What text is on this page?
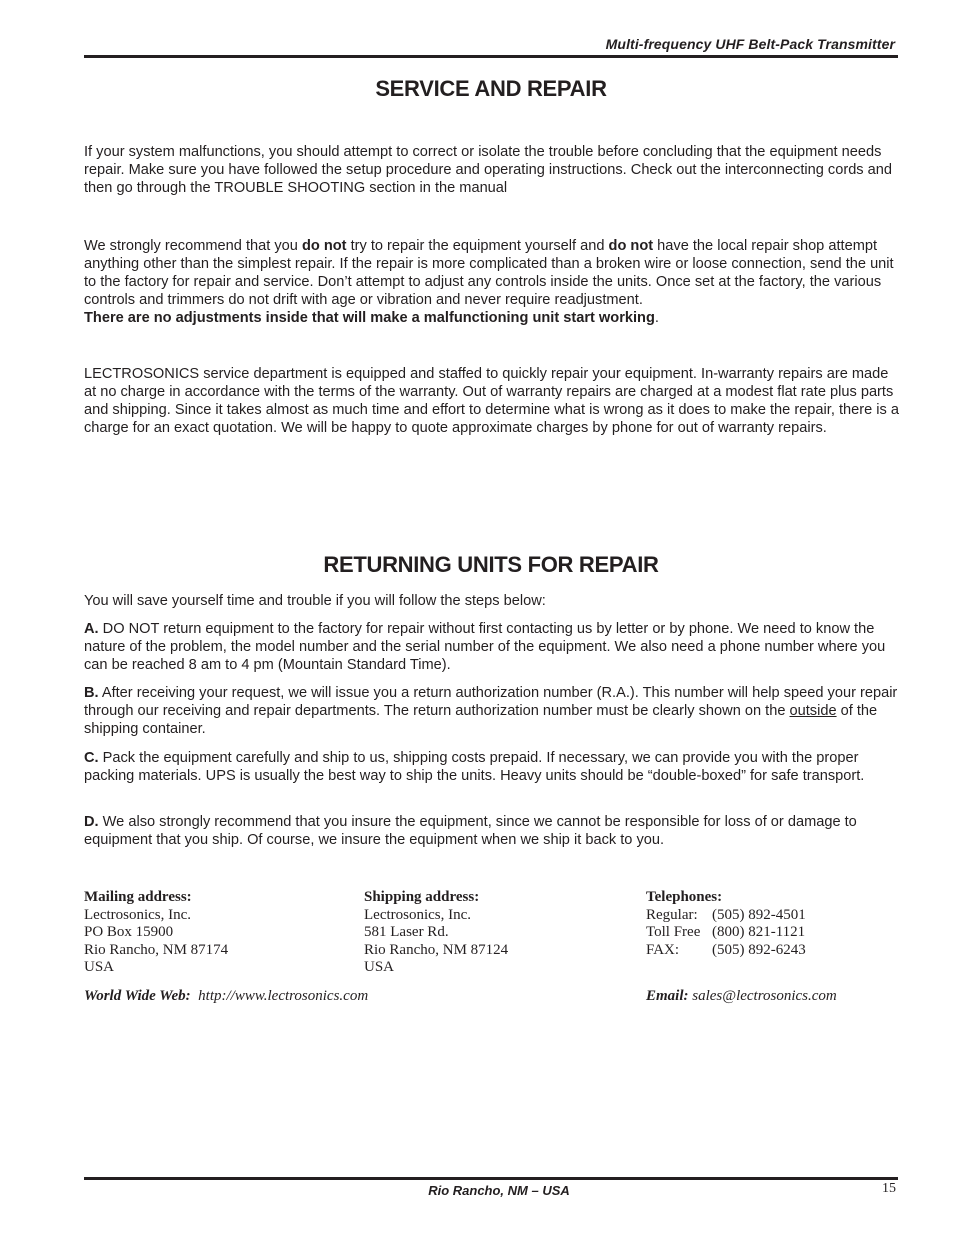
Multi-frequency UHF Belt-Pack Transmitter
SERVICE AND REPAIR

If your system malfunctions, you should attempt to correct or isolate the trouble before concluding that the equipment needs repair. Make sure you have followed the setup procedure and operating instructions. Check out the interconnecting cords and then go through the TROUBLE SHOOTING section in the manual

We strongly recommend that you do not try to repair the equipment yourself and do not have the local repair shop attempt anything other than the simplest repair. If the repair is more complicated than a broken wire or loose connection, send the unit to the factory for repair and service. Don’t attempt to adjust any controls inside the units. Once set at the factory, the various controls and trimmers do not drift with age or vibration and never require readjustment.
There are no adjustments inside that will make a malfunctioning unit start working.

LECTROSONICS service department is equipped and staffed to quickly repair your equipment. In-warranty repairs are made at no charge in accordance with the terms of the warranty. Out of warranty repairs are charged at a modest flat rate plus parts and shipping. Since it takes almost as much time and effort to determine what is wrong as it does to make the repair, there is a charge for an exact quotation. We will be happy to quote approximate charges by phone for out of warranty repairs.

RETURNING UNITS FOR REPAIR

You will save yourself time and trouble if you will follow the steps below:

A. DO NOT return equipment to the factory for repair without first contacting us by letter or by phone. We need to know the nature of the problem, the model number and the serial number of the equipment. We also need a phone number where you can be reached 8 am to 4 pm (Mountain Standard Time).

B. After receiving your request, we will issue you a return authorization number (R.A.). This number will help speed your repair through our receiving and repair departments. The return authorization number must be clearly shown on the outside of the shipping container.

C. Pack the equipment carefully and ship to us, shipping costs prepaid. If necessary, we can provide you with the proper packing materials. UPS is usually the best way to ship the units. Heavy units should be “double-boxed” for safe transport.

D. We also strongly recommend that you insure the equipment, since we cannot be responsible for loss of or damage to equipment that you ship. Of course, we insure the equipment when we ship it back to you.

Mailing address:
Lectrosonics, Inc.
PO Box 15900
Rio Rancho, NM 87174
USA
Shipping address:
Lectrosonics, Inc.
581 Laser Rd.
Rio Rancho, NM 87124
USA
Telephones:
Regular: (505) 892-4501
Toll Free (800) 821-1121
FAX: (505) 892-6243
World Wide Web: http://www.lectrosonics.com	Email: sales@lectrosonics.com
Rio Rancho, NM – USA	15
